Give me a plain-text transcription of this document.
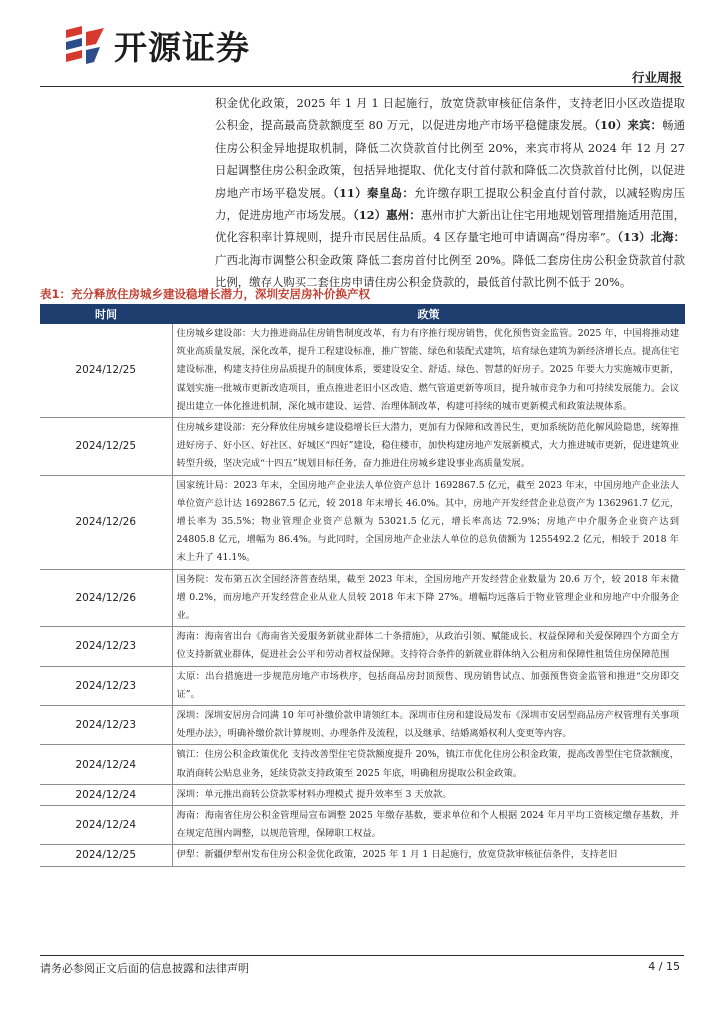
开源证券
行业周报
积金优化政策，2025 年 1 月 1 日起施行，放宽贷款审核征信条件，支持老旧小区改造提取公积金，提高最高贷款额度至 80 万元，以促进房地产市场平稳健康发展。（10）来宾：畅通住房公积金异地提取机制，降低二次贷款首付比例至 20%，来宾市将从 2024 年 12 月 27 日起调整住房公积金政策，包括异地提取、优化支付首付款和降低二次贷款首付比例，以促进房地产市场平稳发展。（11）秦皇岛：允许缴存职工提取公积金直付首付款，以减轻购房压力，促进房地产市场发展。（12）惠州：惠州市扩大新出让住宅用地规划管理措施适用范围，优化容积率计算规则，提升市民居住品质。4 区存量宅地可申请调高“得房率”。（13）北海：广西北海市调整公积金政策 降低二套房首付比例至 20%。降低二套房住房公积金贷款首付款比例，缴存人购买二套住房申请住房公积金贷款的，最低首付款比例不低于 20%。
表1：充分释放住房城乡建设稳增长潜力，深圳安居房补价换产权
时间	政策
2024/12/25	住房城乡建设部：大力推进商品住房销售制度改革，有力有序推行现房销售，优化预售资金监管。2025 年，中国将推动建筑业高质量发展，深化改革，提升工程建设标准，推广智能、绿色和装配式建筑，培育绿色建筑为新经济增长点。提高住宅建设标准，构建支持住房品质提升的制度体系，要建设安全、舒适、绿色、智慧的好房子。2025 年要大力实施城市更新，谋划实施一批城市更新改造项目，重点推进老旧小区改造、燃气管道更新等项目，提升城市竞争力和可持续发展能力。会议提出建立一体化推进机制，深化城市建设、运营、治理体制改革，构建可持续的城市更新模式和政策法规体系。
2024/12/25	住房城乡建设部：充分释放住房城乡建设稳增长巨大潜力，更加有力保障和改善民生，更加系统防范化解风险隐患，统筹推进好房子、好小区、好社区、好城区“四好”建设，稳住楼市，加快构建房地产发展新模式，大力推进城市更新，促进建筑业转型升级，坚决完成“十四五”规划目标任务，奋力推进住房城乡建设事业高质量发展。
2024/12/26	国家统计局：2023 年末，全国房地产企业法人单位资产总计 1692867.5 亿元，截至 2023 年末，中国房地产企业法人单位资产总计达 1692867.5 亿元，较 2018 年末增长 46.0%。其中，房地产开发经营企业总资产为 1362961.7 亿元，增长率为 35.5%；物业管理企业资产总额为 53021.5 亿元，增长率高达 72.9%；房地产中介服务企业资产达到 24805.8 亿元，增幅为 86.4%。与此同时，全国房地产企业法人单位的总负债额为 1255492.2 亿元，相较于 2018 年末上升了 41.1%。
2024/12/26	国务院：发布第五次全国经济普查结果，截至 2023 年末，全国房地产开发经营企业数量为 20.6 万个，较 2018 年末微增 0.2%，而房地产开发经营企业从业人员较 2018 年末下降 27%。增幅均远落后于物业管理企业和房地产中介服务企业。
2024/12/23	海南：海南省出台《海南省关爱服务新就业群体二十条措施》，从政治引领、赋能成长、权益保障和关爱保障四个方面全方位支持新就业群体，促进社会公平和劳动者权益保障。支持符合条件的新就业群体纳入公租房和保障性租赁住房保障范围
2024/12/23	太原：出台措施进一步规范房地产市场秩序，包括商品房封顶预售、现房销售试点、加强预售资金监管和推进“交房即交证”。
2024/12/23	深圳：深圳安居房合同满 10 年可补缴价款申请领红本。深圳市住房和建设局发布《深圳市安居型商品房产权管理有关事项处理办法》，明确补缴价款计算规则、办理条件及流程，以及继承、结婚离婚权利人变更等内容。
2024/12/24	镇江：住房公积金政策优化 支持改善型住宅贷款额度提升 20%，镇江市优化住房公积金政策，提高改善型住宅贷款额度，取消商转公贴息业务，延续贷款支持政策至 2025 年底，明确租房提取公积金政策。
2024/12/24	深圳：单元推出商转公贷款零材料办理模式 提升效率至 3 天放款。
2024/12/24	海南：海南省住房公积金管理局宣布调整 2025 年缴存基数，要求单位和个人根据 2024 年月平均工资核定缴存基数，并在规定范围内调整，以规范管理，保障职工权益。
2024/12/25	伊犁：新疆伊犁州发布住房公积金优化政策，2025 年 1 月 1 日起施行，放宽贷款审核征信条件，支持老旧
请务必参阅正文后面的信息披露和法律声明	4 / 15
